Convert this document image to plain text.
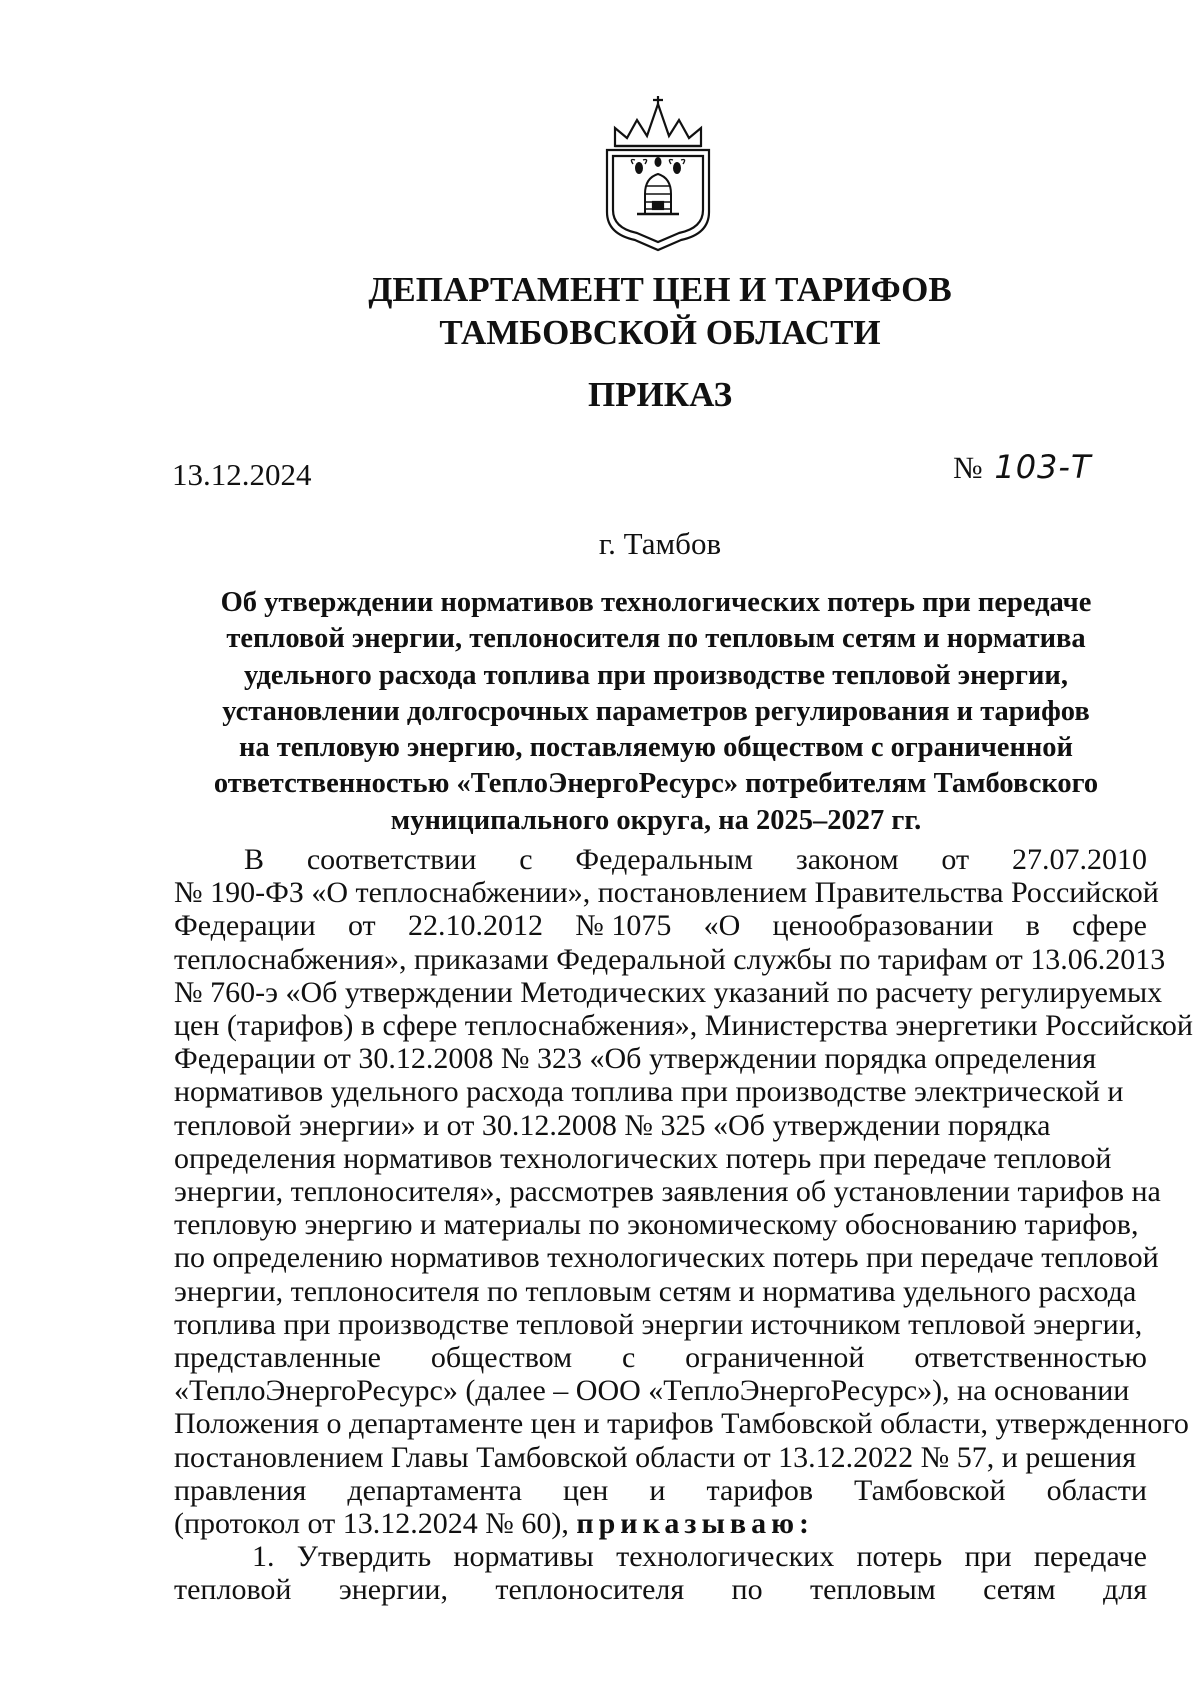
ДЕПАРТАМЕНТ ЦЕН И ТАРИФОВ
ТАМБОВСКОЙ ОБЛАСТИ
ПРИКАЗ
13.12.2024	№ 103-Т
г. Тамбов
Об утверждении нормативов технологических потерь при передаче
тепловой энергии, теплоносителя по тепловым сетям и норматива
удельного расхода топлива при производстве тепловой энергии,
установлении долгосрочных параметров регулирования и тарифов
на тепловую энергию, поставляемую обществом с ограниченной
ответственностью «ТеплоЭнергоРесурс» потребителям Тамбовского
муниципального округа, на 2025–2027 гг.
В соответствии с Федеральным законом от 27.07.2010
№ 190-ФЗ «О теплоснабжении», постановлением Правительства Российской
Федерации от 22.10.2012 № 1075 «О ценообразовании в сфере
теплоснабжения», приказами Федеральной службы по тарифам от 13.06.2013
№ 760-э «Об утверждении Методических указаний по расчету регулируемых
цен (тарифов) в сфере теплоснабжения», Министерства энергетики Российской
Федерации от 30.12.2008 № 323 «Об утверждении порядка определения
нормативов удельного расхода топлива при производстве электрической и
тепловой энергии» и от 30.12.2008 № 325 «Об утверждении порядка
определения нормативов технологических потерь при передаче тепловой
энергии, теплоносителя», рассмотрев заявления об установлении тарифов на
тепловую энергию и материалы по экономическому обоснованию тарифов,
по определению нормативов технологических потерь при передаче тепловой
энергии, теплоносителя по тепловым сетям и норматива удельного расхода
топлива при производстве тепловой энергии источником тепловой энергии,
представленные обществом с ограниченной ответственностью
«ТеплоЭнергоРесурс» (далее – ООО «ТеплоЭнергоРесурс»), на основании
Положения о департаменте цен и тарифов Тамбовской области, утвержденного
постановлением Главы Тамбовской области от 13.12.2022 № 57, и решения
правления департамента цен и тарифов Тамбовской области
(протокол от 13.12.2024 № 60), приказываю:
1. Утвердить нормативы технологических потерь при передаче
тепловой энергии, теплоносителя по тепловым сетям для
